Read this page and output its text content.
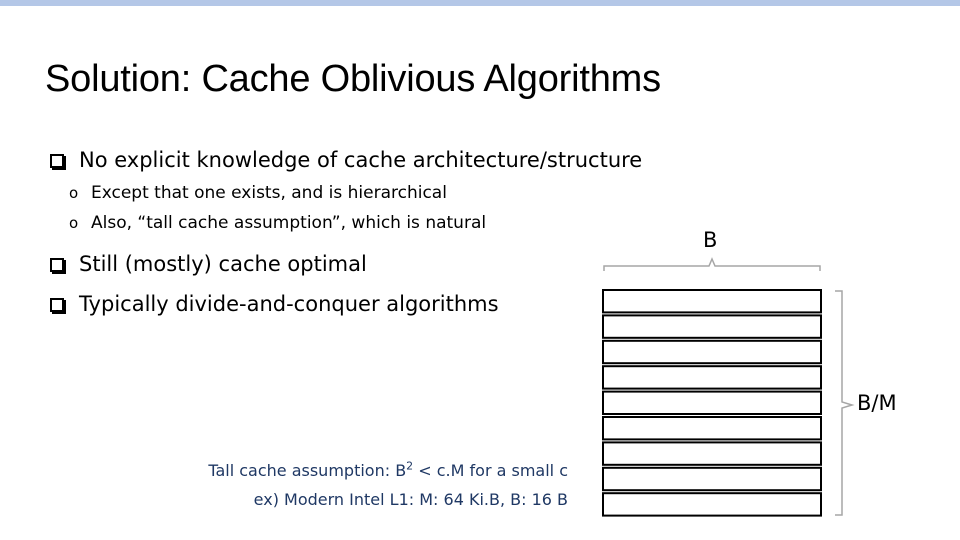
Solution: Cache Oblivious Algorithms
No explicit knowledge of cache architecture/structure
o Except that one exists, and is hierarchical
o Also, “tall cache assumption”, which is natural
Still (mostly) cache optimal
Typically divide-and-conquer algorithms
B
B/M
Tall cache assumption: $B^2 < c.M$ for a small c
ex) Modern Intel L1: M: 64 Ki.B, B: 16 B
